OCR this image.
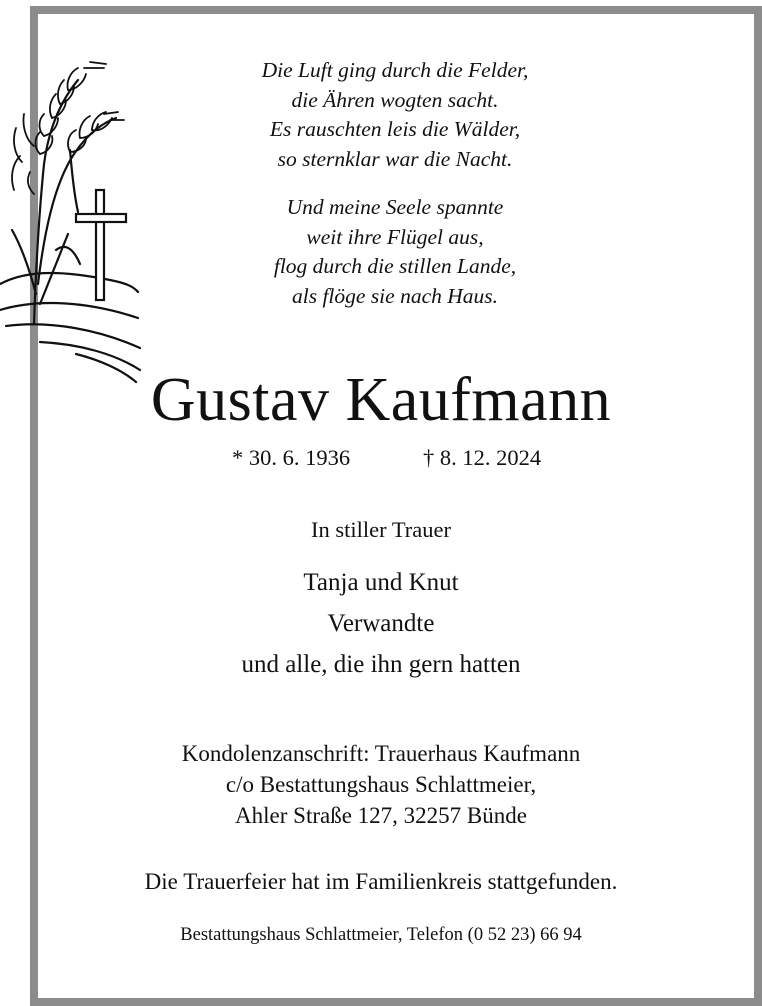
Die Luft ging durch die Felder,
die Ähren wogten sacht.
Es rauschten leis die Wälder,
so sternklar war die Nacht.
Und meine Seele spannte
weit ihre Flügel aus,
flog durch die stillen Lande,
als flöge sie nach Haus.
Gustav Kaufmann
* 30. 6. 1936	† 8. 12. 2024
In stiller Trauer
Tanja und Knut
Verwandte
und alle, die ihn gern hatten
Kondolenzanschrift: Trauerhaus Kaufmann
c/o Bestattungshaus Schlattmeier,
Ahler Straße 127, 32257 Bünde
Die Trauerfeier hat im Familienkreis stattgefunden.
Bestattungshaus Schlattmeier, Telefon (0 52 23) 66 94
